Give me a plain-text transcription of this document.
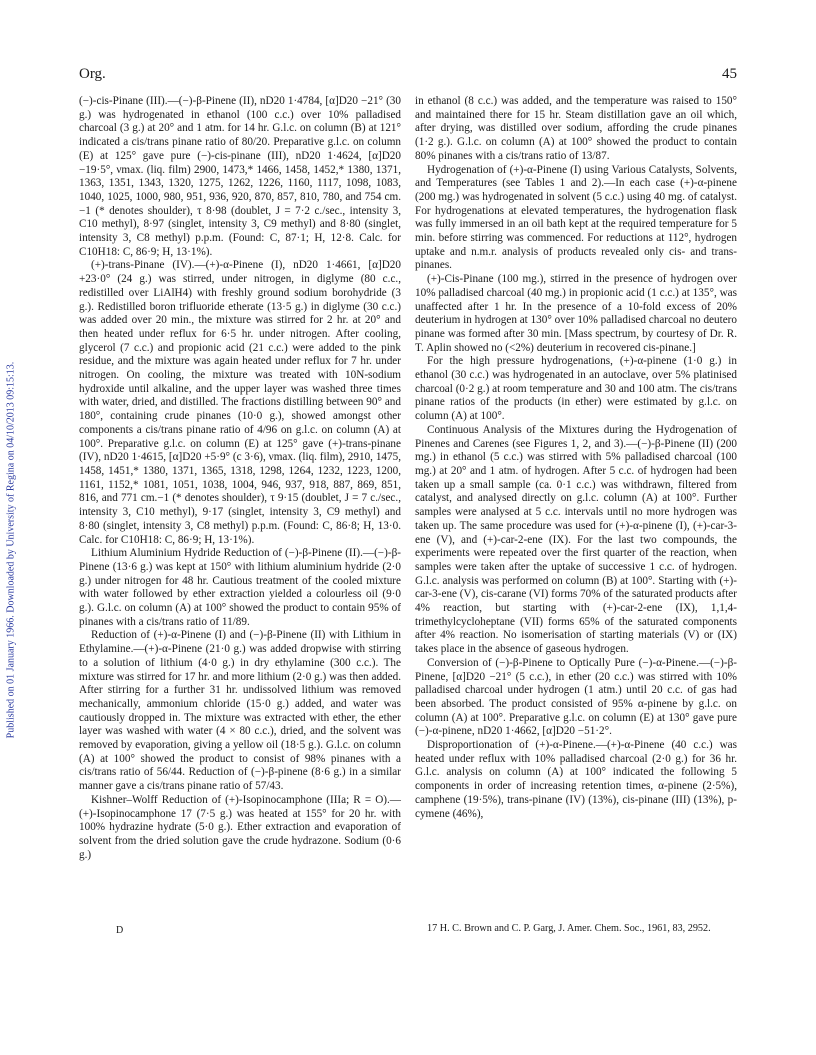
Org.	45
Published on 01 January 1966. Downloaded by University of Regina on 04/10/2013 09:15:13.

(−)-cis-Pinane (III).—(−)-β-Pinene (II), nD20 1·4784, [α]D20 −21° (30 g.) was hydrogenated in ethanol (100 c.c.) over 10% palladised charcoal (3 g.) at 20° and 1 atm. for 14 hr. G.l.c. on column (B) at 121° indicated a cis/trans pinane ratio of 80/20. Preparative g.l.c. on column (E) at 125° gave pure (−)-cis-pinane (III), nD20 1·4624, [α]D20 −19·5°, νmax. (liq. film) 2900, 1473,* 1466, 1458, 1452,* 1380, 1371, 1363, 1351, 1343, 1320, 1275, 1262, 1226, 1160, 1117, 1098, 1083, 1040, 1025, 1000, 980, 951, 936, 920, 870, 857, 810, 780, and 754 cm.−1 (* denotes shoulder), τ 8·98 (doublet, J = 7·2 c./sec., intensity 3, C10 methyl), 8·97 (singlet, intensity 3, C9 methyl) and 8·80 (singlet, intensity 3, C8 methyl) p.p.m. (Found: C, 87·1; H, 12·8. Calc. for C10H18: C, 86·9; H, 13·1%).

(+)-trans-Pinane (IV).—(+)-α-Pinene (I), nD20 1·4661, [α]D20 +23·0° (24 g.) was stirred, under nitrogen, in diglyme (80 c.c., redistilled over LiAlH4) with freshly ground sodium borohydride (3 g.). Redistilled boron trifluoride etherate (13·5 g.) in diglyme (30 c.c.) was added over 20 min., the mixture was stirred for 2 hr. at 20° and then heated under reflux for 6·5 hr. under nitrogen. After cooling, glycerol (7 c.c.) and propionic acid (21 c.c.) were added to the pink residue, and the mixture was again heated under reflux for 7 hr. under nitrogen. On cooling, the mixture was treated with 10N-sodium hydroxide until alkaline, and the upper layer was washed three times with water, dried, and distilled. The fractions distilling between 90° and 180°, containing crude pinanes (10·0 g.), showed amongst other components a cis/trans pinane ratio of 4/96 on g.l.c. on column (A) at 100°. Preparative g.l.c. on column (E) at 125° gave (+)-trans-pinane (IV), nD20 1·4615, [α]D20 +5·9° (c 3·6), νmax. (liq. film), 2910, 1475, 1458, 1451,* 1380, 1371, 1365, 1318, 1298, 1264, 1232, 1223, 1200, 1161, 1152,* 1081, 1051, 1038, 1004, 946, 937, 918, 887, 869, 851, 816, and 771 cm.−1 (* denotes shoulder), τ 9·15 (doublet, J = 7 c./sec., intensity 3, C10 methyl), 9·17 (singlet, intensity 3, C9 methyl) and 8·80 (singlet, intensity 3, C8 methyl) p.p.m. (Found: C, 86·8; H, 13·0. Calc. for C10H18: C, 86·9; H, 13·1%).

Lithium Aluminium Hydride Reduction of (−)-β-Pinene (II).—(−)-β-Pinene (13·6 g.) was kept at 150° with lithium aluminium hydride (2·0 g.) under nitrogen for 48 hr. Cautious treatment of the cooled mixture with water followed by ether extraction yielded a colourless oil (9·0 g.). G.l.c. on column (A) at 100° showed the product to contain 95% of pinanes with a cis/trans ratio of 11/89.

Reduction of (+)-α-Pinene (I) and (−)-β-Pinene (II) with Lithium in Ethylamine.—(+)-α-Pinene (21·0 g.) was added dropwise with stirring to a solution of lithium (4·0 g.) in dry ethylamine (300 c.c.). The mixture was stirred for 17 hr. and more lithium (2·0 g.) was then added. After stirring for a further 31 hr. undissolved lithium was removed mechanically, ammonium chloride (15·0 g.) added, and water was cautiously dropped in. The mixture was extracted with ether, the ether layer was washed with water (4 × 80 c.c.), dried, and the solvent was removed by evaporation, giving a yellow oil (18·5 g.). G.l.c. on column (A) at 100° showed the product to consist of 98% pinanes with a cis/trans ratio of 56/44. Reduction of (−)-β-pinene (8·6 g.) in a similar manner gave a cis/trans pinane ratio of 57/43.

Kishner–Wolff Reduction of (+)-Isopinocamphone (IIIa; R = O).—(+)-Isopinocamphone 17 (7·5 g.) was heated at 155° for 20 hr. with 100% hydrazine hydrate (5·0 g.). Ether extraction and evaporation of solvent from the dried solution gave the crude hydrazone. Sodium (0·6 g.)

in ethanol (8 c.c.) was added, and the temperature was raised to 150° and maintained there for 15 hr. Steam distillation gave an oil which, after drying, was distilled over sodium, affording the crude pinanes (1·2 g.). G.l.c. on column (A) at 100° showed the product to contain 80% pinanes with a cis/trans ratio of 13/87.

Hydrogenation of (+)-α-Pinene (I) using Various Catalysts, Solvents, and Temperatures (see Tables 1 and 2).—In each case (+)-α-pinene (200 mg.) was hydrogenated in solvent (5 c.c.) using 40 mg. of catalyst. For hydrogenations at elevated temperatures, the hydrogenation flask was fully immersed in an oil bath kept at the required temperature for 5 min. before stirring was commenced. For reductions at 112°, hydrogen uptake and n.m.r. analysis of products revealed only cis- and trans-pinanes.

(+)-Cis-Pinane (100 mg.), stirred in the presence of hydrogen over 10% palladised charcoal (40 mg.) in propionic acid (1 c.c.) at 135°, was unaffected after 1 hr. In the presence of a 10-fold excess of 20% deuterium in hydrogen at 130° over 10% palladised charcoal no deutero pinane was formed after 30 min. [Mass spectrum, by courtesy of Dr. R. T. Aplin showed no (<2%) deuterium in recovered cis-pinane.]

For the high pressure hydrogenations, (+)-α-pinene (1·0 g.) in ethanol (30 c.c.) was hydrogenated in an autoclave, over 5% platinised charcoal (0·2 g.) at room temperature and 30 and 100 atm. The cis/trans pinane ratios of the products (in ether) were estimated by g.l.c. on column (A) at 100°.

Continuous Analysis of the Mixtures during the Hydrogenation of Pinenes and Carenes (see Figures 1, 2, and 3).—(−)-β-Pinene (II) (200 mg.) in ethanol (5 c.c.) was stirred with 5% palladised charcoal (100 mg.) at 20° and 1 atm. of hydrogen. After 5 c.c. of hydrogen had been taken up a small sample (ca. 0·1 c.c.) was withdrawn, filtered from catalyst, and analysed directly on g.l.c. column (A) at 100°. Further samples were analysed at 5 c.c. intervals until no more hydrogen was taken up. The same procedure was used for (+)-α-pinene (I), (+)-car-3-ene (V), and (+)-car-2-ene (IX). For the last two compounds, the experiments were repeated over the first quarter of the reaction, when samples were taken after the uptake of successive 1 c.c. of hydrogen. G.l.c. analysis was performed on column (B) at 100°. Starting with (+)-car-3-ene (V), cis-carane (VI) forms 70% of the saturated products after 4% reaction, but starting with (+)-car-2-ene (IX), 1,1,4-trimethylcycloheptane (VII) forms 65% of the saturated components after 4% reaction. No isomerisation of starting materials (V) or (IX) takes place in the absence of gaseous hydrogen.

Conversion of (−)-β-Pinene to Optically Pure (−)-α-Pinene.—(−)-β-Pinene, [α]D20 −21° (5 c.c.), in ether (20 c.c.) was stirred with 10% palladised charcoal under hydrogen (1 atm.) until 20 c.c. of gas had been absorbed. The product consisted of 95% α-pinene by g.l.c. on column (A) at 100°. Preparative g.l.c. on column (E) at 130° gave pure (−)-α-pinene, nD20 1·4662, [α]D20 −51·2°.

Disproportionation of (+)-α-Pinene.—(+)-α-Pinene (40 c.c.) was heated under reflux with 10% palladised charcoal (2·0 g.) for 36 hr. G.l.c. analysis on column (A) at 100° indicated the following 5 components in order of increasing retention times, α-pinene (2·5%), camphene (19·5%), trans-pinane (IV) (13%), cis-pinane (III) (13%), p-cymene (46%),

17 H. C. Brown and C. P. Garg, J. Amer. Chem. Soc., 1961, 83, 2952.

D
